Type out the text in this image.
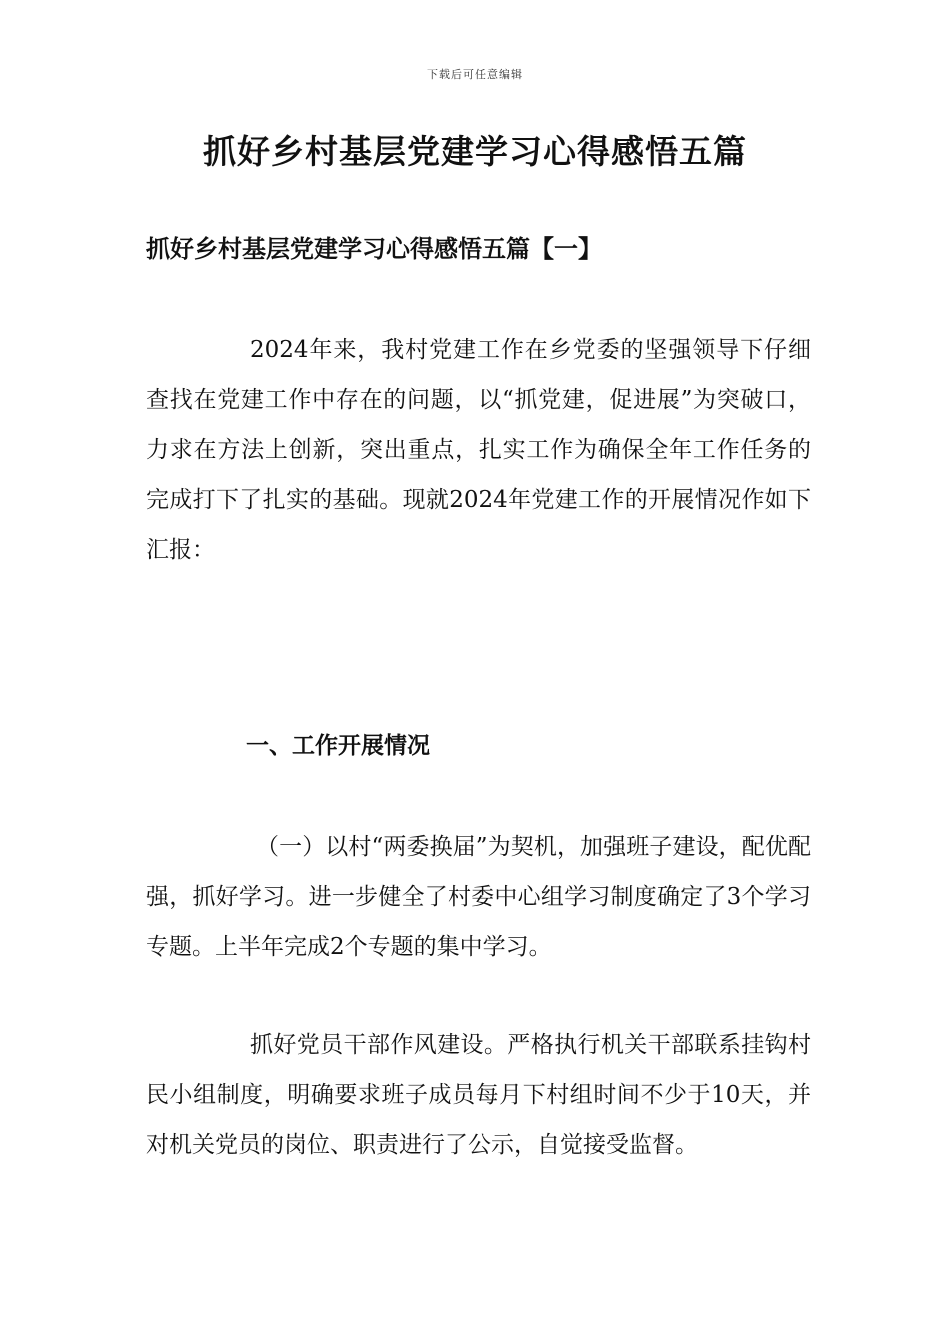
下载后可任意编辑
抓好乡村基层党建学习心得感悟五篇
抓好乡村基层党建学习心得感悟五篇【一】

2024年来，我村党建工作在乡党委的坚强领导下仔细查找在党建工作中存在的问题，以“抓党建，促进展”为突破口，力求在方法上创新，突出重点，扎实工作为确保全年工作任务的完成打下了扎实的基础。现就2024年党建工作的开展情况作如下汇报：

一、工作开展情况

（一）以村“两委换届”为契机，加强班子建设，配优配强，抓好学习。进一步健全了村委中心组学习制度确定了3个学习专题。上半年完成2个专题的集中学习。

抓好党员干部作风建设。严格执行机关干部联系挂钩村民小组制度，明确要求班子成员每月下村组时间不少于10天，并对机关党员的岗位、职责进行了公示，自觉接受监督。
